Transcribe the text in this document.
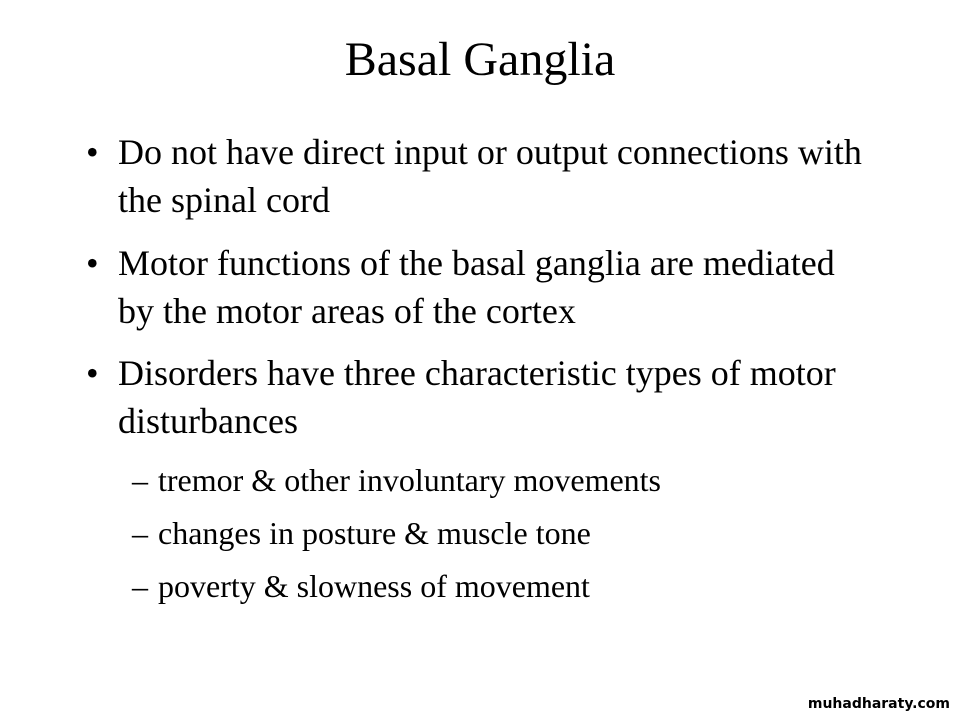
Basal Ganglia
• Do not have direct input or output connections with the spinal cord
• Motor functions of the basal ganglia are mediated by the motor areas of the cortex
• Disorders have three characteristic types of motor disturbances
– tremor & other involuntary movements
– changes in posture & muscle tone
– poverty & slowness of movement
muhadharaty.com
